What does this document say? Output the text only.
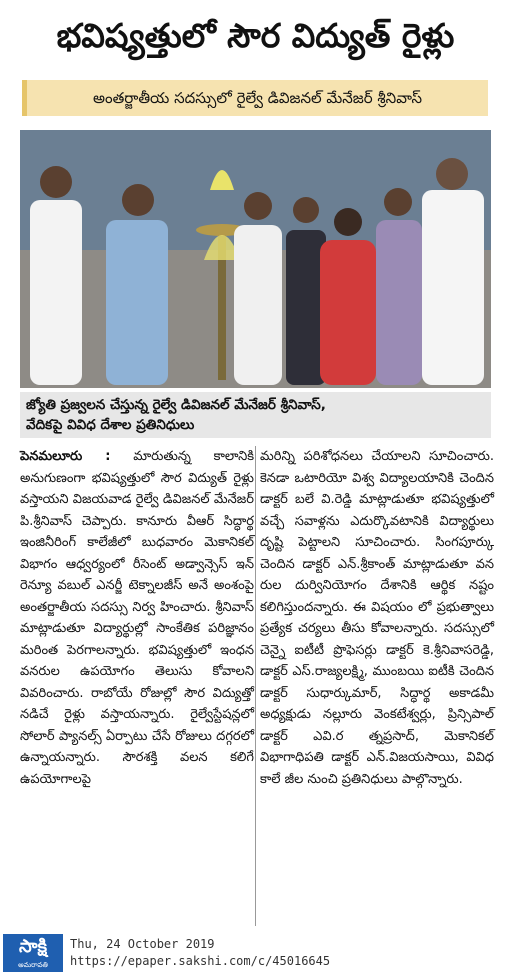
భవిష్యత్తులో సౌర విద్యుత్ రైళ్లు
అంతర్జాతీయ సదస్సులో రైల్వే డివిజనల్ మేనేజర్ శ్రీనివాస్
జ్యోతి ప్రజ్వలన చేస్తున్న రైల్వే డివిజనల్ మేనేజర్ శ్రీనివాస్,
వేదికపై వివిధ దేశాల ప్రతినిధులు

పెనమలూరు : మారుతున్న కాలానికి అనుగుణంగా భవిష్యత్తులో సౌర విద్యుత్ రైళ్లు వస్తాయని విజయవాడ రైల్వే డివిజనల్ మేనేజర్ పి.శ్రీనివాస్ చెప్పారు. కానూరు వీఆర్ సిద్ధార్థ ఇంజినీరింగ్ కాలేజీలో బుధవారం మెకానికల్ విభాగం ఆధ్వర్యంలో రీసెంట్ అడ్వాన్సెస్ ఇన్ రెన్యూ వబుల్ ఎనర్జీ టెక్నాలజీస్ అనే అంశంపై అంతర్జాతీయ సదస్సు నిర్వ హించారు. శ్రీనివాస్ మాట్లాడుతూ విద్యార్థుల్లో సాంకేతిక పరిజ్ఞానం మరింత పెరగాలన్నారు. భవిష్యత్తులో ఇంధన వనరుల ఉపయోగం తెలుసు కోవాలని వివరించారు. రాబోయే రోజుల్లో సౌర విద్యుత్తో నడిచే రైళ్లు వస్తాయన్నారు. రైల్వేస్టేషన్లలో సోలార్ ప్యానల్స్ ఏర్పాటు చేసే రోజులు దగ్గరలో ఉన్నాయన్నారు. సౌరశక్తి వలన కలిగే ఉపయోగాలపై

మరిన్ని పరిశోధనలు చేయాలని సూచించారు. కెనడా ఒటారియో విశ్వ విద్యాలయానికి చెందిన డాక్టర్ బలే వి.రెడ్డి మాట్లాడుతూ భవిష్యత్తులో వచ్చే సవాళ్లను ఎదుర్కొవటానికి విద్యార్థులు దృష్టి పెట్టాలని సూచించారు. సింగపూర్కు చెందిన డాక్టర్ ఎన్.శ్రీకాంత్ మాట్లాడుతూ వన రుల దుర్వినియోగం దేశానికి ఆర్థిక నష్టం కలిగిస్తుందన్నారు. ఈ విషయం లో ప్రభుత్వాలు ప్రత్యేక చర్యలు తీసు కోవాలన్నారు. సదస్సులో చెన్నై ఐటీటీ ప్రొఫెసర్లు డాక్టర్ కె.శ్రీనివాసరెడ్డి, డాక్టర్ ఎస్.రాజ్యలక్ష్మి, ముంబయి ఐటీకి చెందిన డాక్టర్ సుధార్కుమార్, సిద్ధార్థ అకాడమీ అధ్యక్షుడు నల్లూరు వెంకటేశ్వర్లు, ప్రిన్సిపాల్ డాక్టర్ ఎవి.ర త్నప్రసాద్, మెకానికల్ విభాగాధిపతి డాక్టర్ ఎన్.విజయసాయి, వివిధ కాలే జీల నుంచి ప్రతినిధులు పాల్గొన్నారు.

సాక్షి
అమరావతి
Thu, 24 October 2019
https://epaper.sakshi.com/c/45016645
